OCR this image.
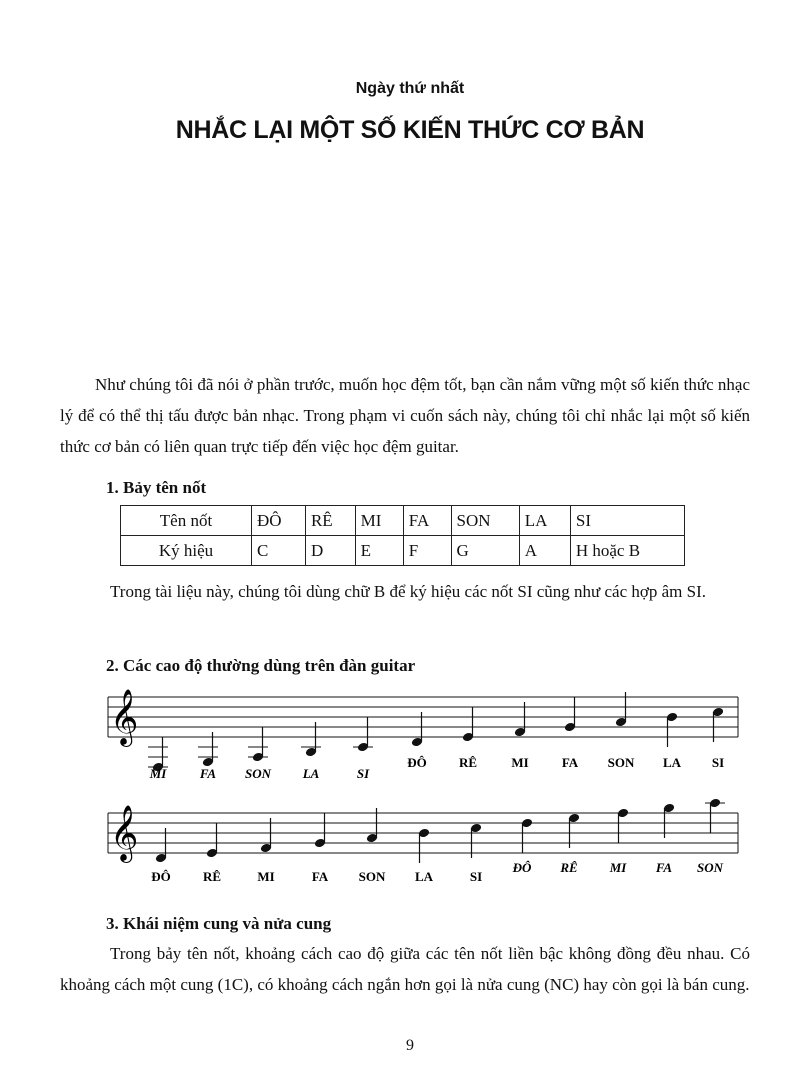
Ngày thứ nhất
NHẮC LẠI MỘT SỐ KIẾN THỨC CƠ BẢN
Như chúng tôi đã nói ở phần trước, muốn học đệm tốt, bạn cần nắm vững một số kiến thức nhạc lý để có thể thị tấu được bản nhạc. Trong phạm vi cuốn sách này, chúng tôi chỉ nhắc lại một số kiến thức cơ bản có liên quan trực tiếp đến việc học đệm guitar.
1. Bảy tên nốt
Tên nốt	ĐÔ	RÊ	MI	FA	SON	LA	SI
Ký hiệu	C	D	E	F	G	A	H hoặc B
Trong tài liệu này, chúng tôi dùng chữ B để ký hiệu các nốt SI cũng như các hợp âm SI.
2. Các cao độ thường dùng trên đàn guitar
𝄞
MI	FA SON LA	SI
ĐÔ RÊ	MI	FA SON LA SI
𝄞
ĐÔ RÊ	MI	FA SON LA	SI
ĐÔ RÊ MI FA SON
3. Khái niệm cung và nửa cung
Trong bảy tên nốt, khoảng cách cao độ giữa các tên nốt liền bậc không đồng đều nhau. Có khoảng cách một cung (1C), có khoảng cách ngắn hơn gọi là nửa cung (NC) hay còn gọi là bán cung.
9
